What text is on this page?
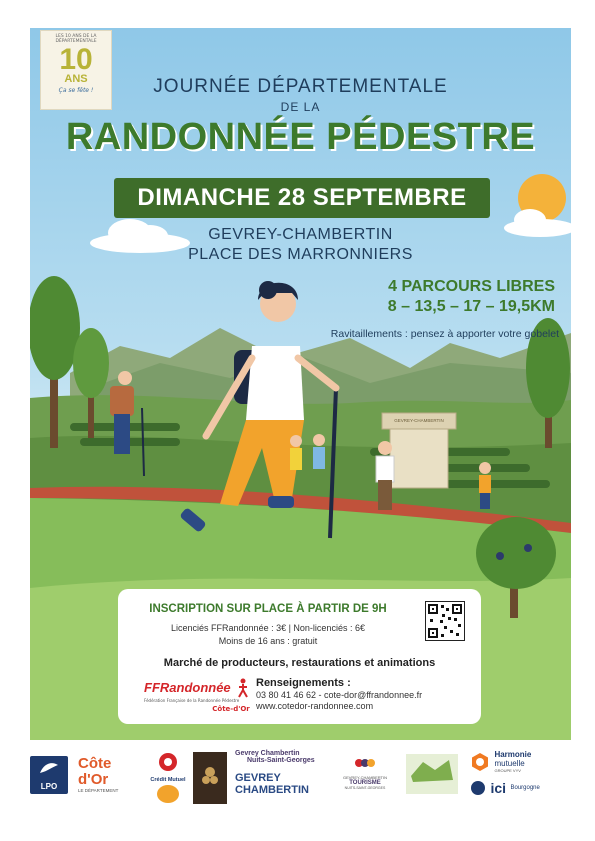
GEVREY-CHAMBERTIN
LES 10 ANS DE LA
DÉPARTEMENTALE
10
ANS
Ça se fête !	JOURNÉE DÉPARTEMENTALE
DE LA
RANDONNÉE PÉDESTRE
DIMANCHE 28 SEPTEMBRE
GEVREY-CHAMBERTIN
PLACE DES MARRONNIERS
4 PARCOURS LIBRES
8 – 13,5 – 17 – 19,5KM
Ravitaillements : pensez à apporter votre gobelet
INSCRIPTION SUR PLACE À PARTIR DE 9H
Licenciés FFRandonnée : 3€ | Non-licenciés : 6€
Moins de 16 ans : gratuit
Marché de producteurs, restaurations et animations
FFRandonnée
Fédération Française de la Randonnée Pédestre
Côte-d'Or
Renseignements :
03 80 41 46 62 - cote-dor@ffrandonnee.fr
www.cotedor-randonnee.com
LPO
Côte d'Or
LE DÉPARTEMENT
Crédit Mutuel
Gevrey Chambertin
Nuits-Saint-Georges
GEVREY
CHAMBERTIN
GEVREY-CHAMBERTIN
TOURISME
NUITS-SAINT-GEORGES

Harmonie
mutuelle
GROUPE VYV
ici Bourgogne
